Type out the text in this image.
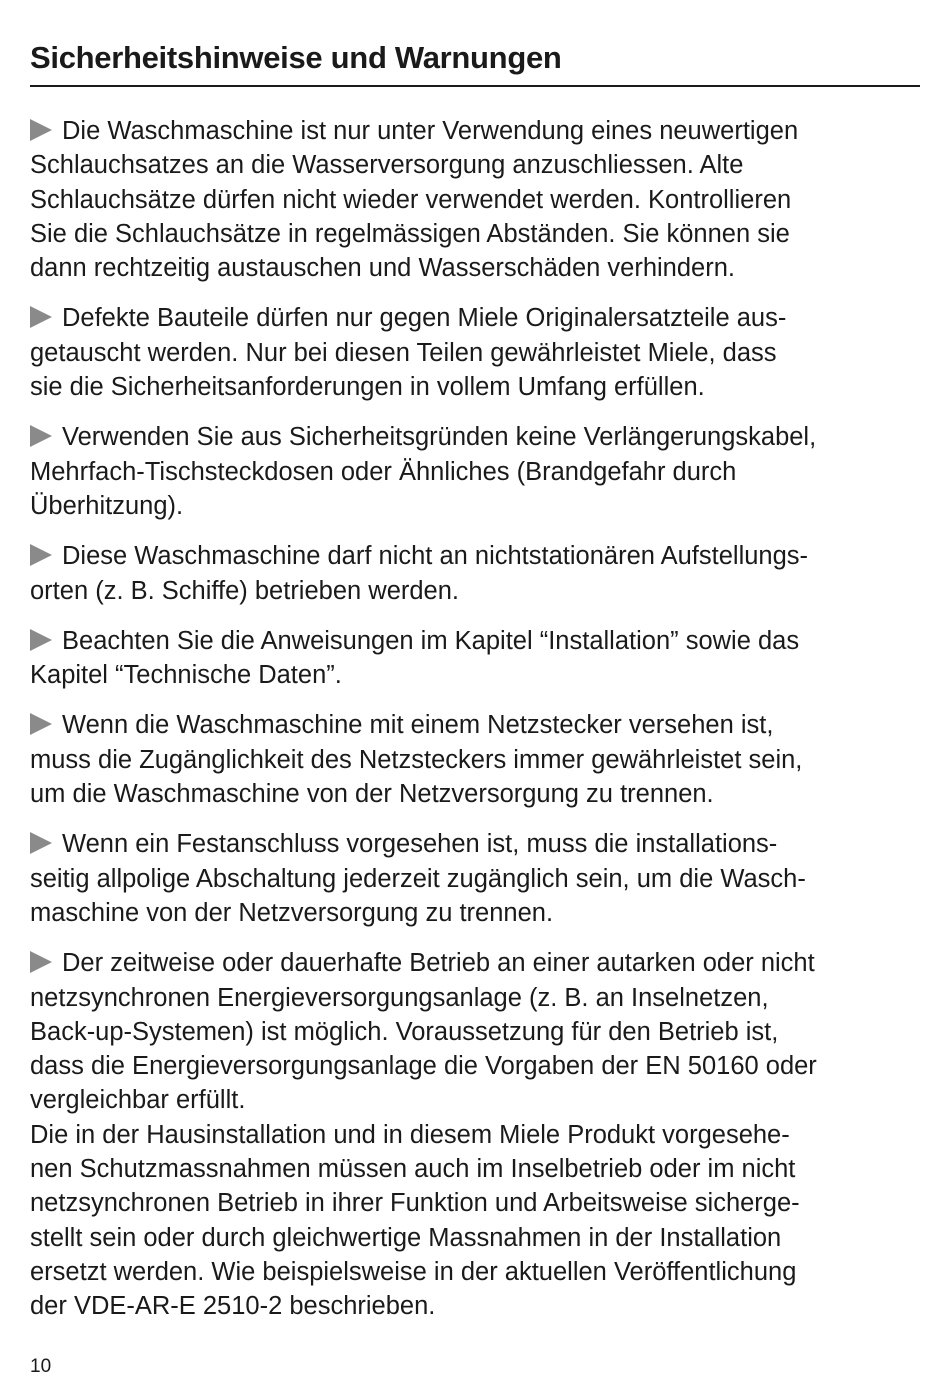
Sicherheitshinweise und Warnungen
Die Waschmaschine ist nur unter Verwendung eines neuwertigen
Schlauchsatzes an die Wasserversorgung anzuschliessen. Alte
Schlauchsätze dürfen nicht wieder verwendet werden. Kontrollieren
Sie die Schlauchsätze in regelmässigen Abständen. Sie können sie
dann rechtzeitig austauschen und Wasserschäden verhindern.
Defekte Bauteile dürfen nur gegen Miele Originalersatzteile aus-
getauscht werden. Nur bei diesen Teilen gewährleistet Miele, dass
sie die Sicherheitsanforderungen in vollem Umfang erfüllen.
Verwenden Sie aus Sicherheitsgründen keine Verlängerungskabel,
Mehrfach-Tischsteckdosen oder Ähnliches (Brandgefahr durch
Überhitzung).
Diese Waschmaschine darf nicht an nichtstationären Aufstellungs-
orten (z. B. Schiffe) betrieben werden.
Beachten Sie die Anweisungen im Kapitel “Installation” sowie das
Kapitel “Technische Daten”.
Wenn die Waschmaschine mit einem Netzstecker versehen ist,
muss die Zugänglichkeit des Netzsteckers immer gewährleistet sein,
um die Waschmaschine von der Netzversorgung zu trennen.
Wenn ein Festanschluss vorgesehen ist, muss die installations-
seitig allpolige Abschaltung jederzeit zugänglich sein, um die Wasch-
maschine von der Netzversorgung zu trennen.
Der zeitweise oder dauerhafte Betrieb an einer autarken oder nicht
netzsynchronen Energieversorgungsanlage (z. B. an Inselnetzen,
Back-up-Systemen) ist möglich. Voraussetzung für den Betrieb ist,
dass die Energieversorgungsanlage die Vorgaben der EN 50160 oder
vergleichbar erfüllt.
Die in der Hausinstallation und in diesem Miele Produkt vorgesehe-
nen Schutzmassnahmen müssen auch im Inselbetrieb oder im nicht
netzsynchronen Betrieb in ihrer Funktion und Arbeitsweise sicherge-
stellt sein oder durch gleichwertige Massnahmen in der Installation
ersetzt werden. Wie beispielsweise in der aktuellen Veröffentlichung
der VDE-AR-E 2510-2 beschrieben.
10
